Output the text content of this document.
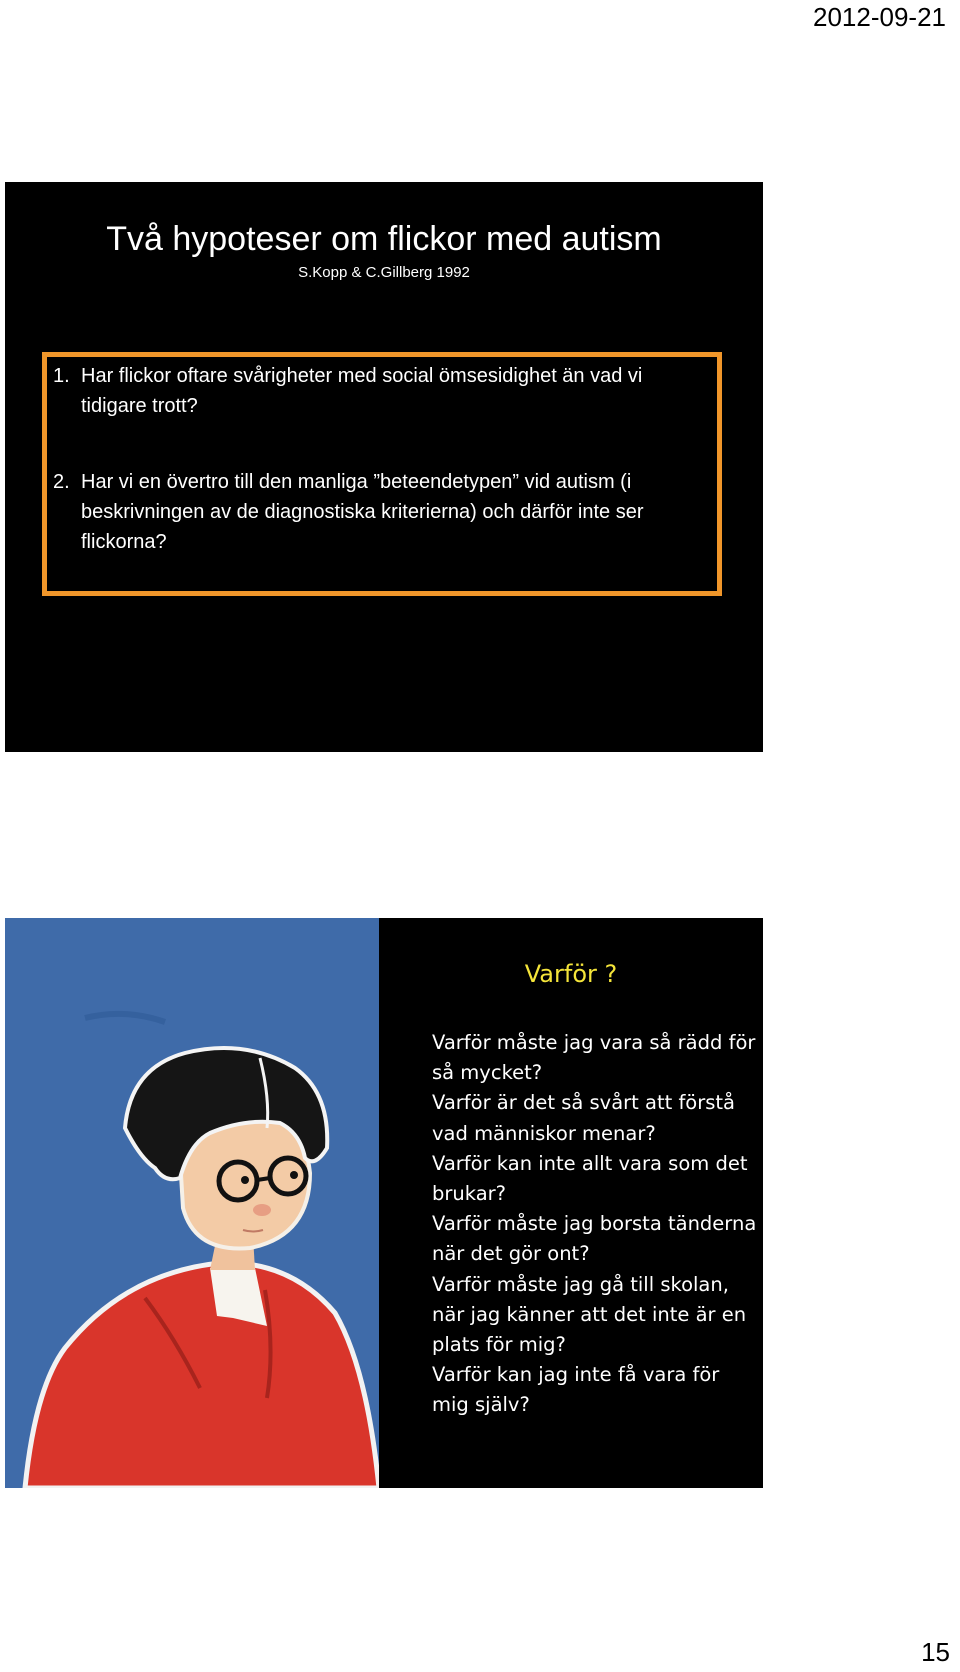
2012-09-21
Två hypoteser om flickor med autism
S.Kopp & C.Gillberg 1992
1. Har flickor oftare svårigheter med social ömsesidighet än vad vi tidigare trott?
2. Har vi en övertro till den manliga ”beteendetypen” vid autism (i beskrivningen av de diagnostiska kriterierna) och därför inte ser flickorna?
Varför ?
Varför måste jag vara så rädd för så mycket?
Varför är det så svårt att förstå vad människor menar?
Varför kan inte allt vara som det brukar?
Varför måste jag borsta tänderna när det gör ont?
Varför måste jag gå till skolan, när jag känner att det inte är en plats för mig?
Varför kan jag inte få vara för mig själv?
15
